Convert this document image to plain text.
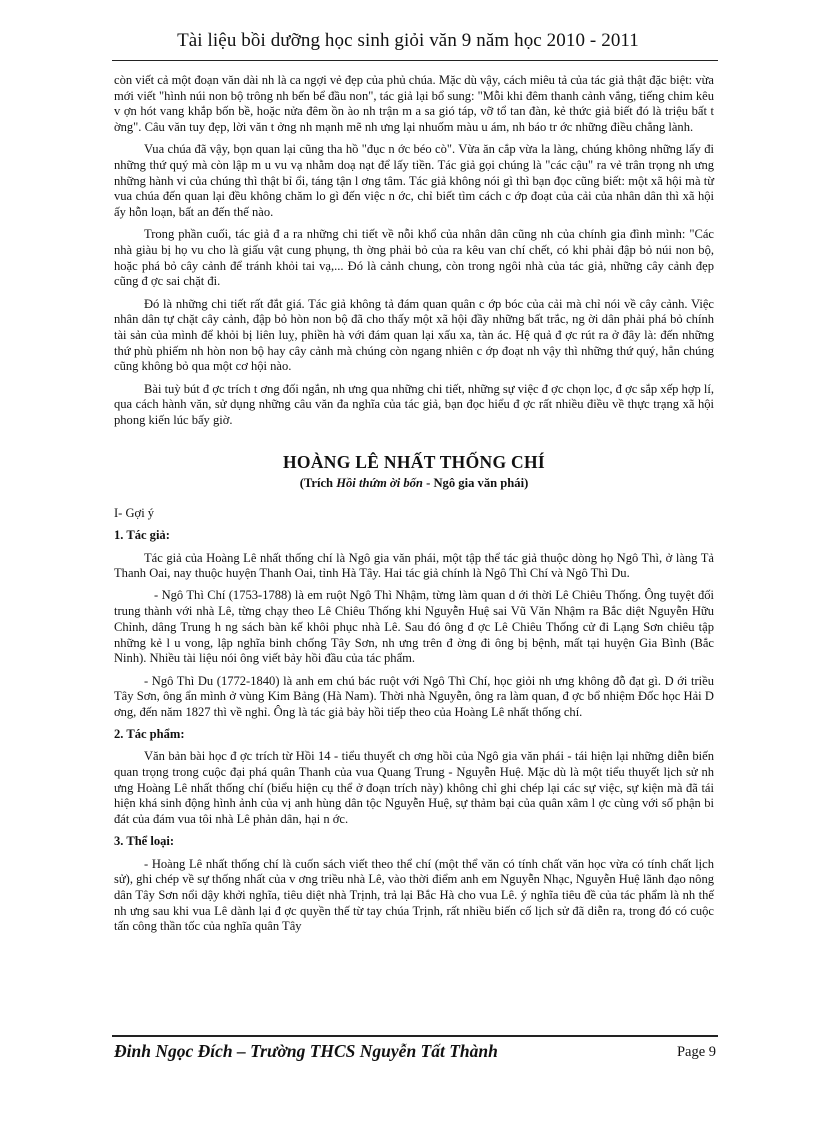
Tài liệu bồi dưỡng học sinh giỏi văn 9 năm học 2010 - 2011

còn viết cả một đoạn văn dài nh là ca ngợi vẻ đẹp của phủ chúa. Mặc dù vậy, cách miêu tả của tác giả thật đặc biệt: vừa mới viết "hình núi non bộ trông nh bến bể đầu non", tác giả lại bổ sung: "Mỗi khi đêm thanh cảnh vắng, tiếng chim kêu v ợn hót vang khắp bốn bề, hoặc nửa đêm ồn ào nh trận m a sa gió táp, vỡ tổ tan đàn, kẻ thức giả biết đó là triệu bất t ờng". Câu văn tuy đẹp, lời văn t ởng nh mạnh mẽ nh ưng lại nhuốm màu u ám, nh báo tr ớc những điều chẳng lành.

Vua chúa đã vậy, bọn quan lại cũng tha hồ "đục n ớc béo cò". Vừa ăn cắp vừa la làng, chúng không những lấy đi những thứ quý mà còn lập m u vu vạ nhằm doạ nạt để lấy tiền. Tác giả gọi chúng là "các cậu" ra vẻ trân trọng nh ưng những hành vi của chúng thì thật bỉ ổi, táng tận l ơng tâm. Tác giả không nói gì thì bạn đọc cũng biết: một xã hội mà từ vua chúa đến quan lại đều không chăm lo gì đến việc n ớc, chỉ biết tìm cách c ớp đoạt của cải của nhân dân thì xã hội ấy hỗn loạn, bất an đến thế nào.

Trong phần cuối, tác giả đ a ra những chi tiết về nỗi khổ của nhân dân cũng nh của chính gia đình mình: "Các nhà giàu bị họ vu cho là giấu vật cung phụng, th ờng phải bỏ của ra kêu van chí chết, có khi phải đập bỏ núi non bộ, hoặc phá bỏ cây cảnh để tránh khỏi tai vạ,... Đó là cảnh chung, còn trong ngôi nhà của tác giả, những cây cảnh đẹp cũng đ ợc sai chặt đi.

Đó là những chi tiết rất đắt giá. Tác giả không tả đám quan quân c ớp bóc của cải mà chỉ nói về cây cảnh. Việc nhân dân tự chặt cây cảnh, đập bỏ hòn non bộ đã cho thấy một xã hội đầy những bất trắc, ng ời dân phải phá bỏ chính tài sản của mình để khỏi bị liên luỵ, phiền hà với đám quan lại xấu xa, tàn ác. Hệ quả đ ợc rút ra ở đây là: đến những thứ phù phiếm nh hòn non bộ hay cây cảnh mà chúng còn ngang nhiên c ớp đoạt nh vậy thì những thứ quý, hẳn chúng cũng không bỏ qua một cơ hội nào.

Bài tuỳ bút đ ợc trích t ơng đối ngắn, nh ưng qua những chi tiết, những sự việc đ ợc chọn lọc, đ ợc sắp xếp hợp lí, qua cách hành văn, sử dụng những câu văn đa nghĩa của tác giả, bạn đọc hiểu đ ợc rất nhiều điều về thực trạng xã hội phong kiến lúc bấy giờ.

HOÀNG LÊ NHẤT THỐNG CHÍ
(Trích Hồi thứm ời bốn - Ngô gia văn phái)

I- Gợi ý

1. Tác giả:

Tác giả của Hoàng Lê nhất thống chí là Ngô gia văn phái, một tập thể tác giả thuộc dòng họ Ngô Thì, ở làng Tả Thanh Oai, nay thuộc huyện Thanh Oai, tỉnh Hà Tây. Hai tác giả chính là Ngô Thì Chí và Ngô Thì Du.

- Ngô Thì Chí (1753-1788) là em ruột Ngô Thì Nhậm, từng làm quan d ới thời Lê Chiêu Thống. Ông tuyệt đối trung thành với nhà Lê, từng chạy theo Lê Chiêu Thống khi Nguyễn Huệ sai Vũ Văn Nhậm ra Bắc diệt Nguyễn Hữu Chỉnh, dâng Trung h ng sách bàn kế khôi phục nhà Lê. Sau đó ông đ ợc Lê Chiêu Thống cử đi Lạng Sơn chiêu tập những kẻ l u vong, lập nghĩa binh chống Tây Sơn, nh ưng trên đ ờng đi ông bị bệnh, mất tại huyện Gia Bình (Bắc Ninh). Nhiều tài liệu nói ông viết bảy hồi đầu của tác phẩm.

- Ngô Thì Du (1772-1840) là anh em chú bác ruột với Ngô Thì Chí, học giỏi nh ưng không đỗ đạt gì. D ới triều Tây Sơn, ông ẩn mình ở vùng Kim Bảng (Hà Nam). Thời nhà Nguyễn, ông ra làm quan, đ ợc bổ nhiệm Đốc học Hải D ơng, đến năm 1827 thì về nghỉ. Ông là tác giả bảy hồi tiếp theo của Hoàng Lê nhất thống chí.

2. Tác phẩm:

Văn bản bài học đ ợc trích từ Hồi 14 - tiểu thuyết ch ơng hồi của Ngô gia văn phái - tái hiện lại những diễn biến quan trọng trong cuộc đại phá quân Thanh của vua Quang Trung - Nguyễn Huệ. Mặc dù là một tiểu thuyết lịch sử nh ưng Hoàng Lê nhất thống chí (biểu hiện cụ thể ở đoạn trích này) không chỉ ghi chép lại các sự việc, sự kiện mà đã tái hiện khá sinh động hình ảnh của vị anh hùng dân tộc Nguyễn Huệ, sự thảm bại của quân xâm l ợc cùng với số phận bi đát của đám vua tôi nhà Lê phản dân, hại n ớc.

3. Thể loại:

- Hoàng Lê nhất thống chí là cuốn sách viết theo thể chí (một thể văn có tính chất văn học vừa có tính chất lịch sử), ghi chép về sự thống nhất của v ơng triều nhà Lê, vào thời điểm anh em Nguyễn Nhạc, Nguyễn Huệ lãnh đạo nông dân Tây Sơn nổi dậy khởi nghĩa, tiêu diệt nhà Trịnh, trả lại Bắc Hà cho vua Lê. ý nghĩa tiêu đề của tác phẩm là nh thế nh ưng sau khi vua Lê dành lại đ ợc quyền thế từ tay chúa Trịnh, rất nhiều biến cố lịch sử đã diễn ra, trong đó có cuộc tấn công thần tốc của nghĩa quân Tây

Đinh Ngọc Đích – Trường THCS Nguyễn Tất Thành	Page 9
